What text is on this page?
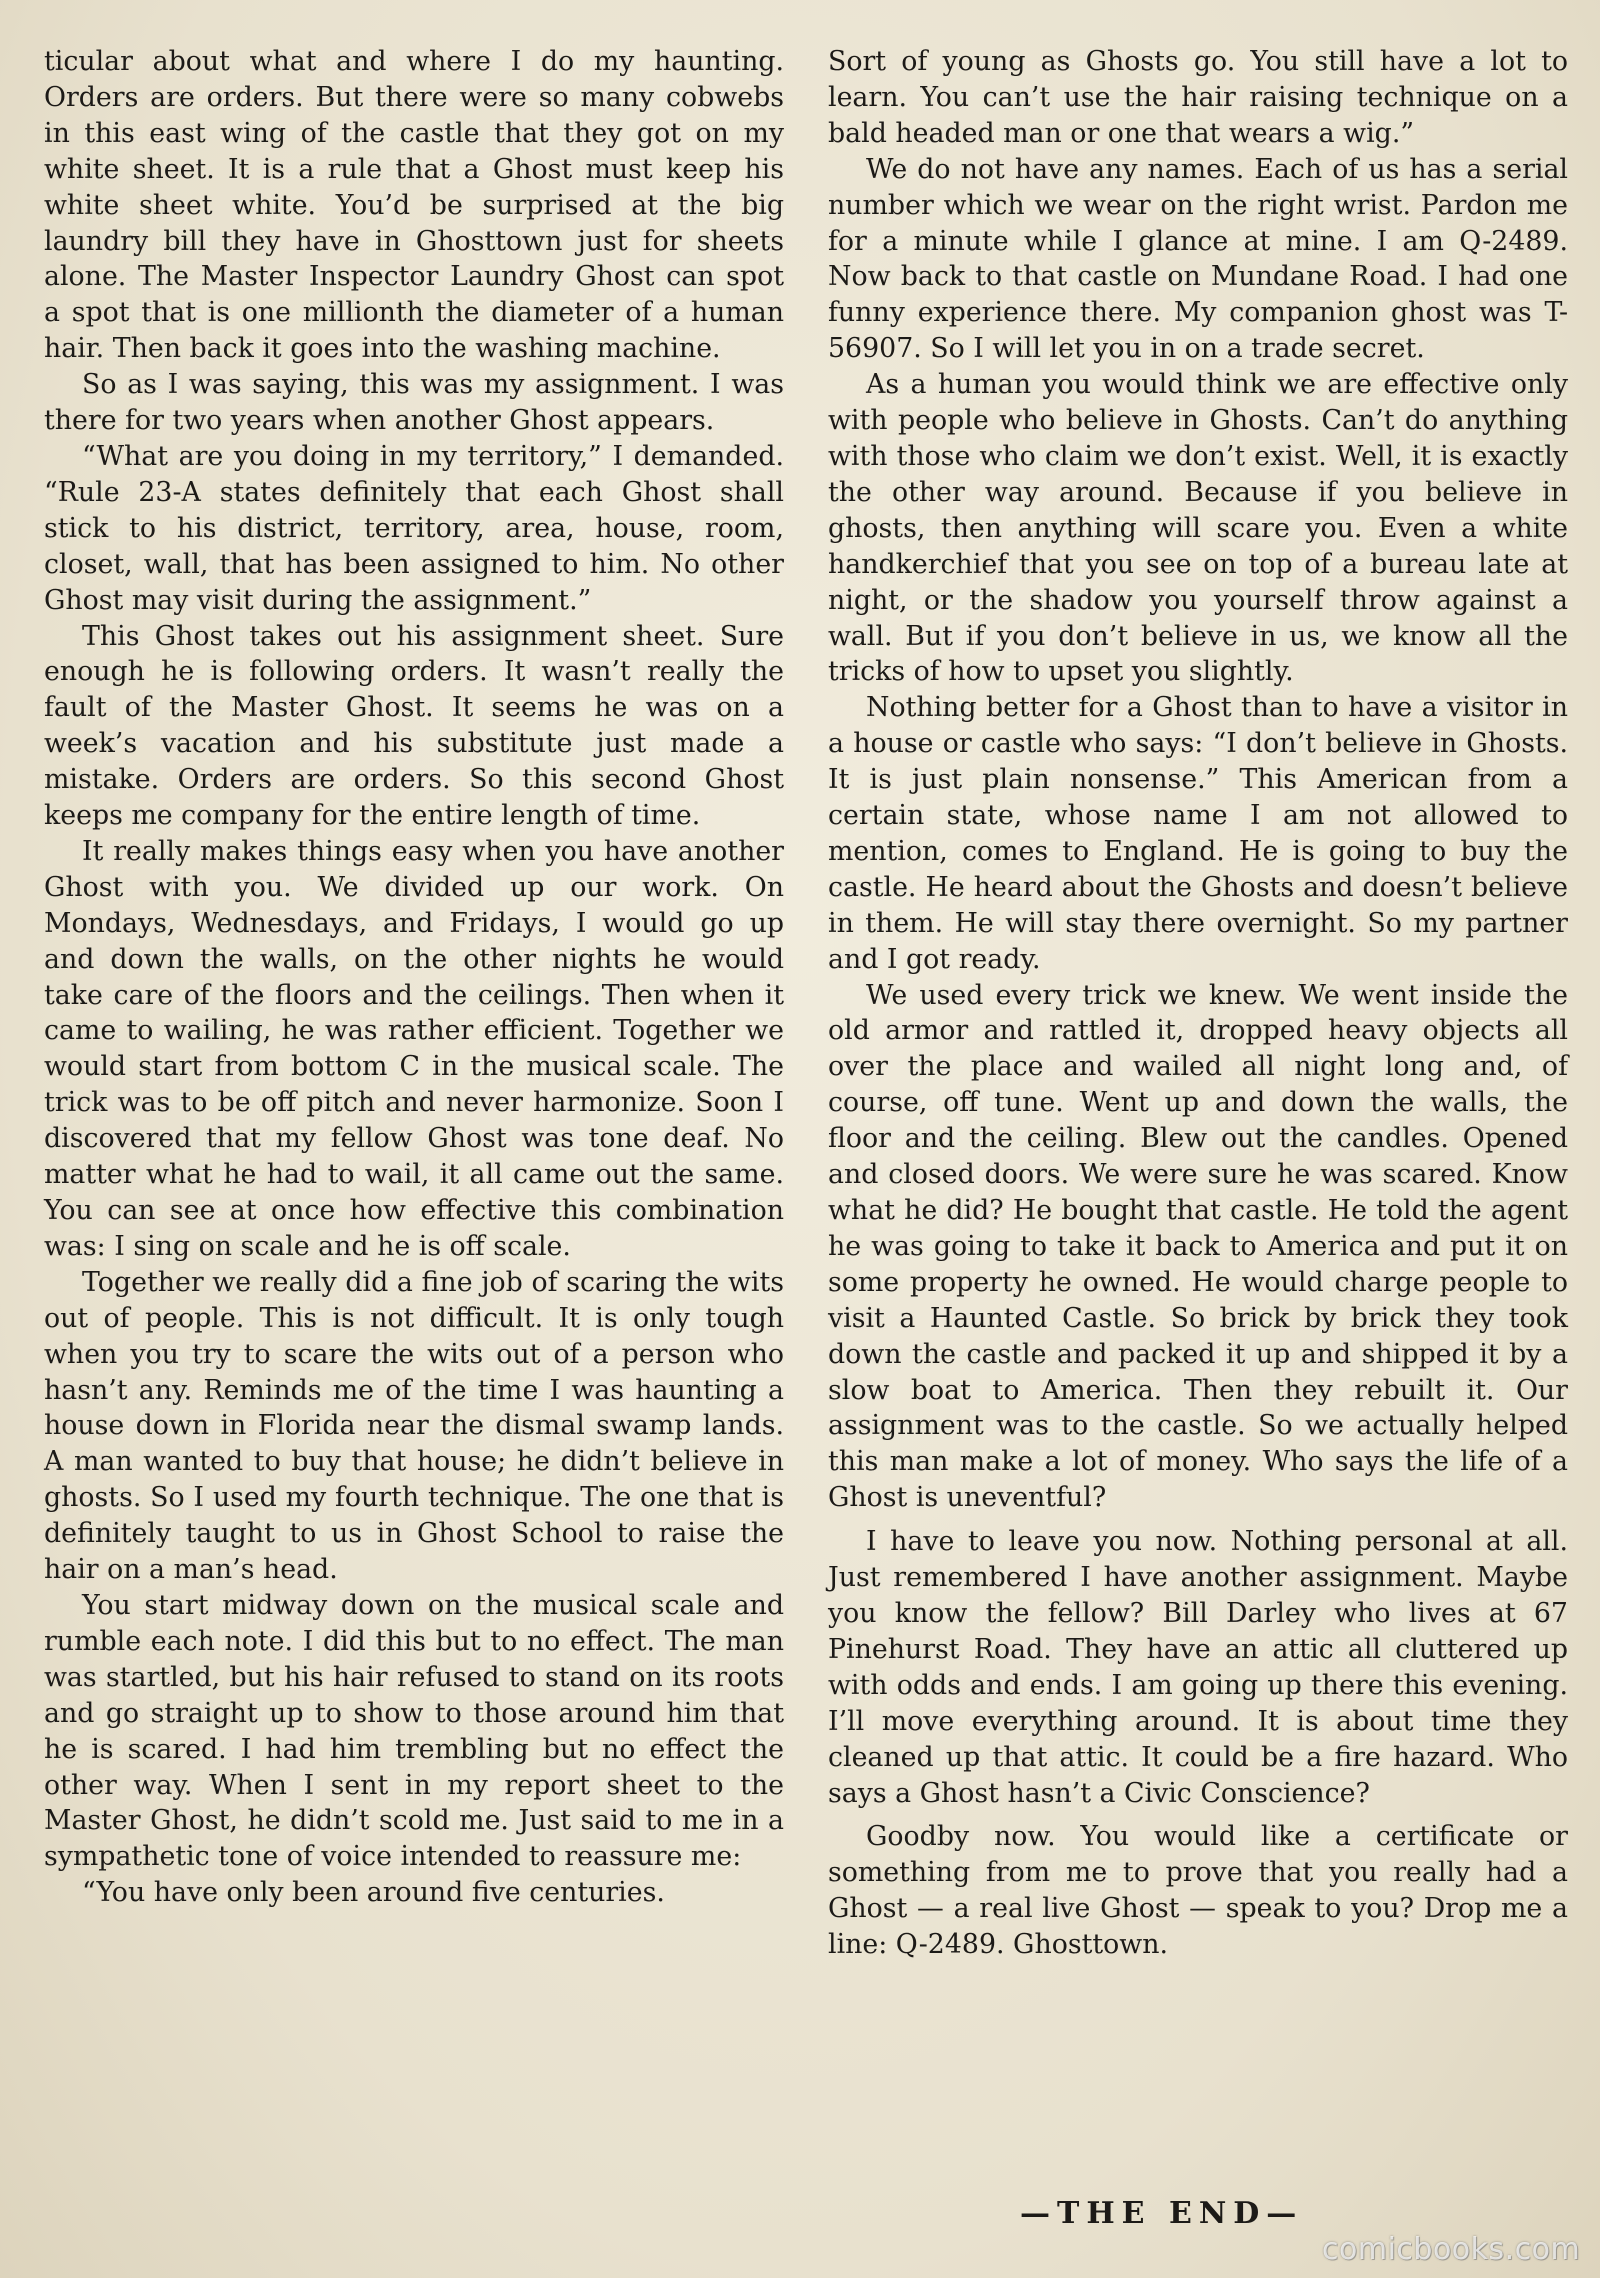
ticular about what and where I do my haunting. Orders are orders. But there were so many cobwebs in this east wing of the castle that they got on my white sheet. It is a rule that a Ghost must keep his white sheet white. You’d be surprised at the big laundry bill they have in Ghosttown just for sheets alone. The Master Inspector Laundry Ghost can spot a spot that is one millionth the diameter of a human hair. Then back it goes into the washing machine.

So as I was saying, this was my assignment. I was there for two years when another Ghost appears.

“What are you doing in my territory,” I demanded. “Rule 23-A states definitely that each Ghost shall stick to his district, territory, area, house, room, closet, wall, that has been assigned to him. No other Ghost may visit during the assignment.”

This Ghost takes out his assignment sheet. Sure enough he is following orders. It wasn’t really the fault of the Master Ghost. It seems he was on a week’s vacation and his substitute just made a mistake. Orders are orders. So this second Ghost keeps me company for the entire length of time.

It really makes things easy when you have another Ghost with you. We divided up our work. On Mondays, Wednesdays, and Fridays, I would go up and down the walls, on the other nights he would take care of the floors and the ceilings. Then when it came to wailing, he was rather efficient. Together we would start from bottom C in the musical scale. The trick was to be off pitch and never harmonize. Soon I discovered that my fellow Ghost was tone deaf. No matter what he had to wail, it all came out the same. You can see at once how effective this combination was: I sing on scale and he is off scale.

Together we really did a fine job of scaring the wits out of people. This is not difficult. It is only tough when you try to scare the wits out of a person who hasn’t any. Reminds me of the time I was haunting a house down in Florida near the dismal swamp lands. A man wanted to buy that house; he didn’t believe in ghosts. So I used my fourth technique. The one that is definitely taught to us in Ghost School to raise the hair on a man’s head.

You start midway down on the musical scale and rumble each note. I did this but to no effect. The man was startled, but his hair refused to stand on its roots and go straight up to show to those around him that he is scared. I had him trembling but no effect the other way. When I sent in my report sheet to the Master Ghost, he didn’t scold me. Just said to me in a sympathetic tone of voice intended to reassure me:

“You have only been around five centuries.

Sort of young as Ghosts go. You still have a lot to learn. You can’t use the hair raising technique on a bald headed man or one that wears a wig.”

We do not have any names. Each of us has a serial number which we wear on the right wrist. Pardon me for a minute while I glance at mine. I am Q-2489. Now back to that castle on Mundane Road. I had one funny experience there. My companion ghost was T-56907. So I will let you in on a trade secret.

As a human you would think we are effective only with people who believe in Ghosts. Can’t do anything with those who claim we don’t exist. Well, it is exactly the other way around. Because if you believe in ghosts, then anything will scare you. Even a white handkerchief that you see on top of a bureau late at night, or the shadow you yourself throw against a wall. But if you don’t believe in us, we know all the tricks of how to upset you slightly.

Nothing better for a Ghost than to have a visitor in a house or castle who says: “I don’t believe in Ghosts. It is just plain nonsense.” This American from a certain state, whose name I am not allowed to mention, comes to England. He is going to buy the castle. He heard about the Ghosts and doesn’t believe in them. He will stay there overnight. So my partner and I got ready.

We used every trick we knew. We went inside the old armor and rattled it, dropped heavy objects all over the place and wailed all night long and, of course, off tune. Went up and down the walls, the floor and the ceiling. Blew out the candles. Opened and closed doors. We were sure he was scared. Know what he did? He bought that castle. He told the agent he was going to take it back to America and put it on some property he owned. He would charge people to visit a Haunted Castle. So brick by brick they took down the castle and packed it up and shipped it by a slow boat to America. Then they rebuilt it. Our assignment was to the castle. So we actually helped this man make a lot of money. Who says the life of a Ghost is uneventful?

I have to leave you now. Nothing personal at all. Just remembered I have another assignment. Maybe you know the fellow? Bill Darley who lives at 67 Pinehurst Road. They have an attic all cluttered up with odds and ends. I am going up there this evening. I’ll move everything around. It is about time they cleaned up that attic. It could be a fire hazard. Who says a Ghost hasn’t a Civic Conscience?

Goodby now. You would like a certificate or something from me to prove that you really had a Ghost — a real live Ghost — speak to you? Drop me a line: Q-2489. Ghosttown.

—THE END—
comicbooks.com
